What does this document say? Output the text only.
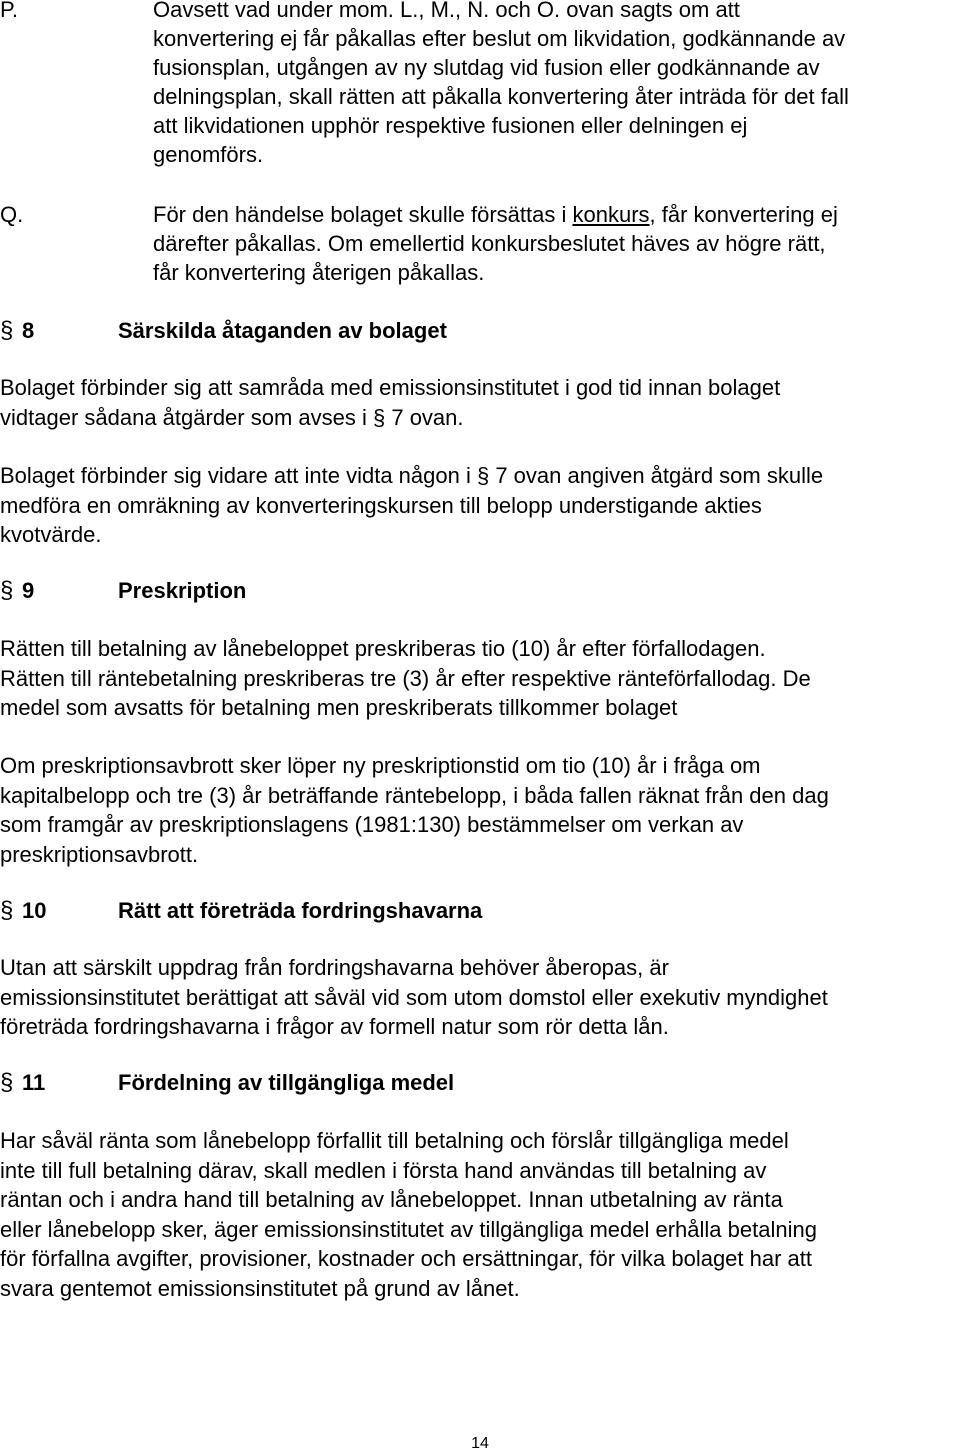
P.	Oavsett vad under mom. L., M., N. och O. ovan sagts om att
konvertering ej får påkallas efter beslut om likvidation, godkännande av
fusionsplan, utgången av ny slutdag vid fusion eller godkännande av
delningsplan, skall rätten att påkalla konvertering åter inträda för det fall
att likvidationen upphör respektive fusionen eller delningen ej
genomförs.
Q.	För den händelse bolaget skulle försättas i konkurs, får konvertering ej
därefter påkallas. Om emellertid konkursbeslutet häves av högre rätt,
får konvertering återigen påkallas.
§ 8	Särskilda åtaganden av bolaget
Bolaget förbinder sig att samråda med emissionsinstitutet i god tid innan bolaget
vidtager sådana åtgärder som avses i § 7 ovan.
Bolaget förbinder sig vidare att inte vidta någon i § 7 ovan angiven åtgärd som skulle
medföra en omräkning av konverteringskursen till belopp understigande akties
kvotvärde.
§ 9	Preskription
Rätten till betalning av lånebeloppet preskriberas tio (10) år efter förfallodagen.
Rätten till räntebetalning preskriberas tre (3) år efter respektive ränteförfallodag. De
medel som avsatts för betalning men preskriberats tillkommer bolaget
Om preskriptionsavbrott sker löper ny preskriptionstid om tio (10) år i fråga om
kapitalbelopp och tre (3) år beträffande räntebelopp, i båda fallen räknat från den dag
som framgår av preskriptionslagens (1981:130) bestämmelser om verkan av
preskriptionsavbrott.
§ 10	Rätt att företräda fordringshavarna
Utan att särskilt uppdrag från fordringshavarna behöver åberopas, är
emissionsinstitutet berättigat att såväl vid som utom domstol eller exekutiv myndighet
företräda fordringshavarna i frågor av formell natur som rör detta lån.
§ 11	Fördelning av tillgängliga medel
Har såväl ränta som lånebelopp förfallit till betalning och förslår tillgängliga medel
inte till full betalning därav, skall medlen i första hand användas till betalning av
räntan och i andra hand till betalning av lånebeloppet. Innan utbetalning av ränta
eller lånebelopp sker, äger emissionsinstitutet av tillgängliga medel erhålla betalning
för förfallna avgifter, provisioner, kostnader och ersättningar, för vilka bolaget har att
svara gentemot emissionsinstitutet på grund av lånet.
14
